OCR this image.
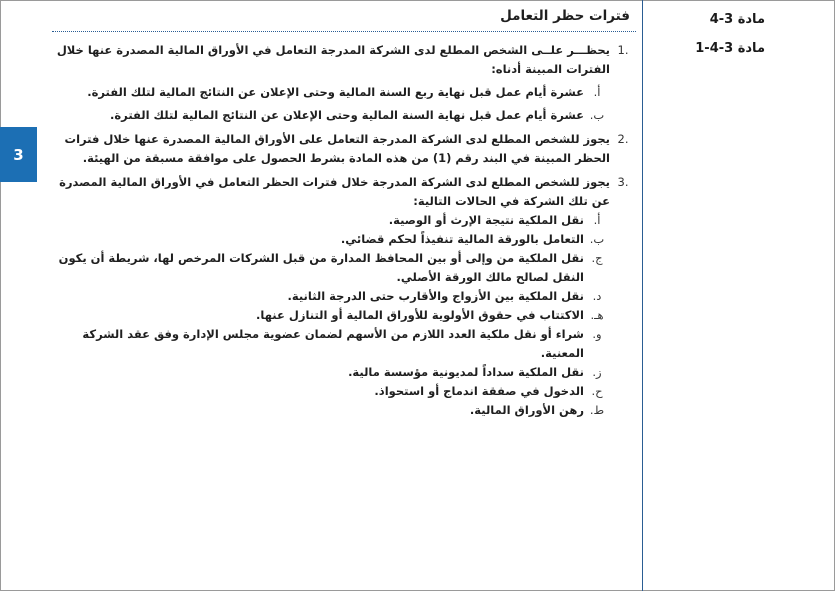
3
مادة 3-4
مادة 3-4-1
فترات حظر التعامل
.1
يحظـــر علــى الشخص المطلع لدى الشركة المدرجة التعامل في الأوراق المالية المصدرة عنها خلال الفترات المبينة أدناه:
أ.
عشرة أيام عمل قبل نهاية ربع السنة المالية وحتى الإعلان عن النتائج المالية لتلك الفترة.
ب.
عشرة أيام عمل قبل نهاية السنة المالية وحتى الإعلان عن النتائج المالية لتلك الفترة.
.2
يجوز للشخص المطلع لدى الشركة المدرجة التعامل على الأوراق المالية المصدرة عنها خلال فترات الحظر المبينة في البند رقم (1) من هذه المادة بشرط الحصول على موافقة مسبقة من الهيئة.
.3
يجوز للشخص المطلع لدى الشركة المدرجة خلال فترات الحظر التعامل في الأوراق المالية المصدرة عن تلك الشركة في الحالات التالية:
أ.
نقل الملكية نتيجة الإرث أو الوصية.
ب.
التعامل بالورقة المالية تنفيذاً لحكم قضائي.
ج.
نقل الملكية من وإلى أو بين المحافظ المدارة من قبل الشركات المرخص لها، شريطة أن يكون النقل لصالح مالك الورقة الأصلي.
د.
نقل الملكية بين الأزواج والأقارب حتى الدرجة الثانية.
هـ.
الاكتتاب في حقوق الأولوية للأوراق المالية أو التنازل عنها.
و.
شراء أو نقل ملكية العدد اللازم من الأسهم لضمان عضوية مجلس الإدارة وفق عقد الشركة المعنية.
ز.
نقل الملكية سداداً لمديونية مؤسسة مالية.
ح.
الدخول في صفقة اندماج أو استحواذ.
ط.
رهن الأوراق المالية.
